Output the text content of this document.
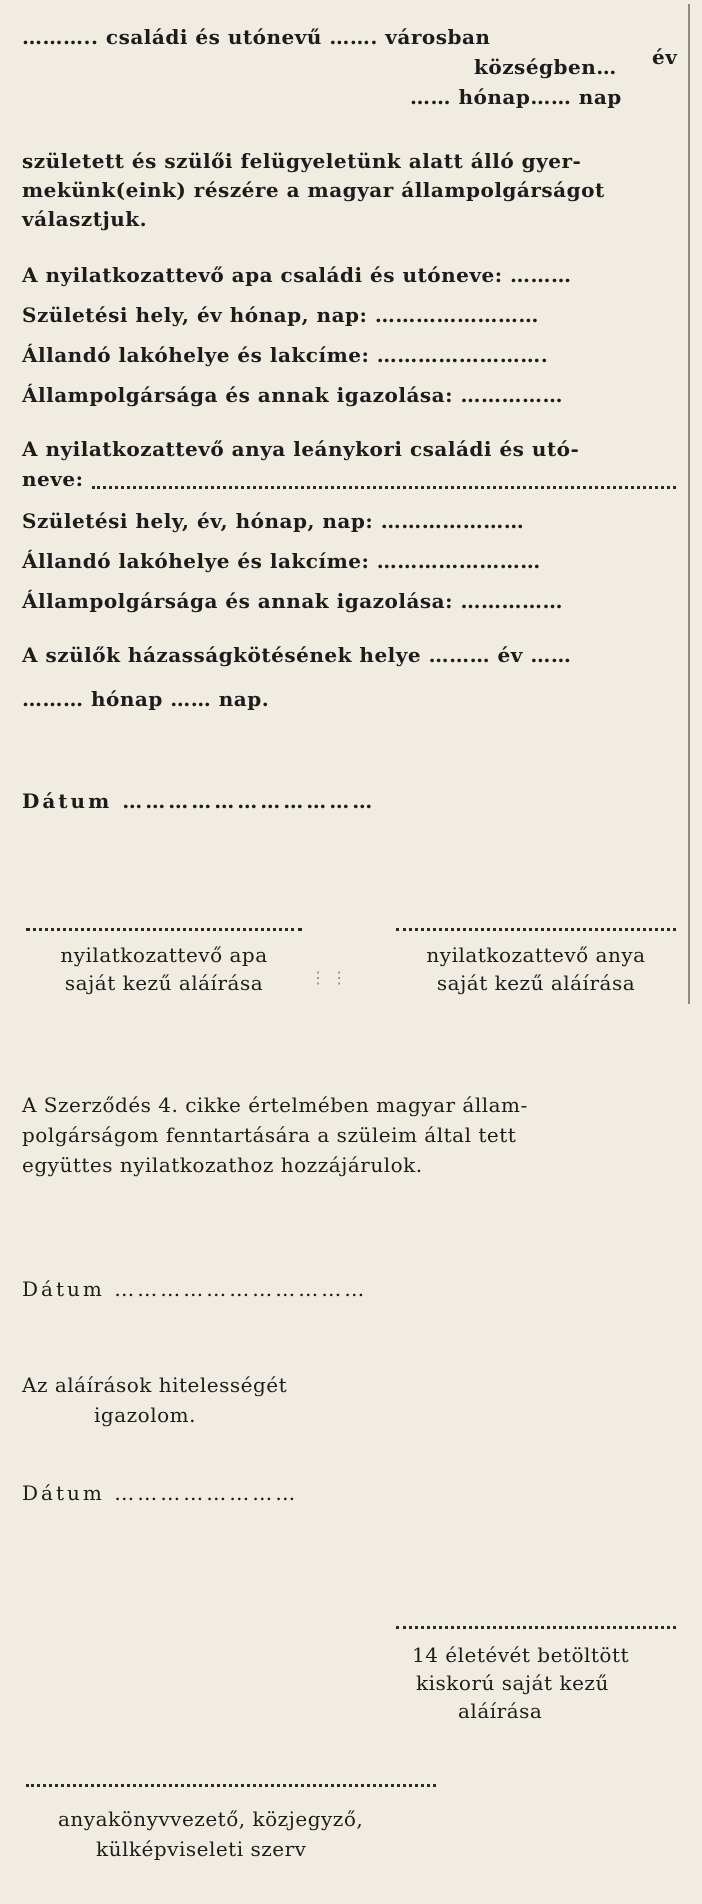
……….. családi és utónevű ……. városban
községben… év
…… hónap…… nap
született és szülői felügyeletünk alatt álló gyer-
mekünk(eink) részére a magyar állampolgárságot
választjuk.
A nyilatkozattevő apa családi és utóneve: ………
Születési hely, év hónap, nap: ……………………
Állandó lakóhelye és lakcíme: …………………….
Állampolgársága és annak igazolása: ……………
A nyilatkozattevő anya leánykori családi és utó-
neve:
Születési hely, év, hónap, nap: …………………
Állandó lakóhelye és lakcíme: ……………………
Állampolgársága és annak igazolása: ……………
A szülők házasságkötésének helye ……… év ……
……… hónap …… nap.
Dátum ……………………………
nyilatkozattevő apa
saját kezű aláírása
nyilatkozattevő anya
saját kezű aláírása
⋮ ⋮
A Szerződés 4. cikke értelmében magyar állam-
polgárságom fenntartására a szüleim által tett
együttes nyilatkozathoz hozzájárulok.
Dátum ……………………………
Az aláírások hitelességét
igazolom.
Dátum ……………………
14 életévét betöltött
kiskorú saját kezű
aláírása
anyakönyvvezető, közjegyző,
külképviseleti szerv
